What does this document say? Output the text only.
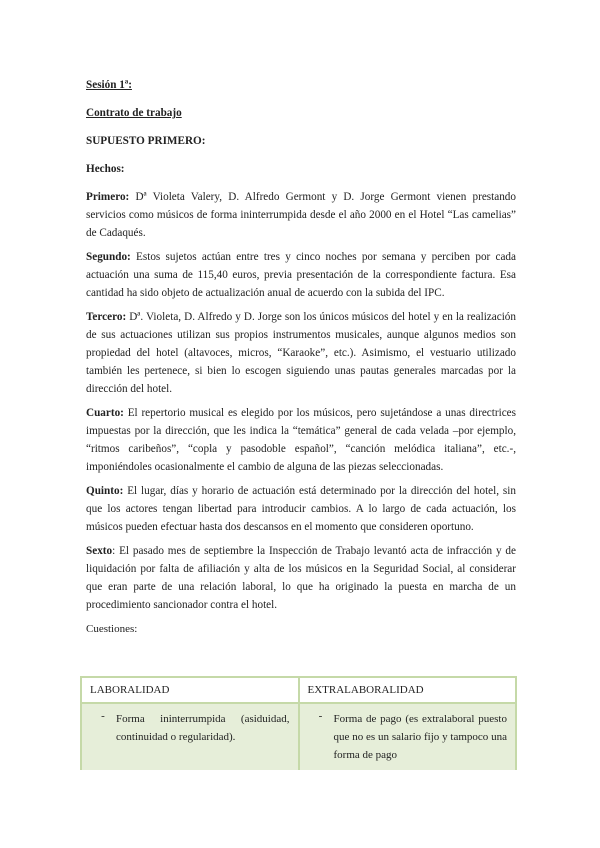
Sesión 1ª:
Contrato de trabajo
SUPUESTO PRIMERO:
Hechos:

Primero: Dª Violeta Valery, D. Alfredo Germont y D. Jorge Germont vienen prestando servicios como músicos de forma ininterrumpida desde el año 2000 en el Hotel “Las camelias” de Cadaqués.

Segundo: Estos sujetos actúan entre tres y cinco noches por semana y perciben por cada actuación una suma de 115,40 euros, previa presentación de la correspondiente factura. Esa cantidad ha sido objeto de actualización anual de acuerdo con la subida del IPC.

Tercero: Dª. Violeta, D. Alfredo y D. Jorge son los únicos músicos del hotel y en la realización de sus actuaciones utilizan sus propios instrumentos musicales, aunque algunos medios son propiedad del hotel (altavoces, micros, “Karaoke”, etc.). Asimismo, el vestuario utilizado también les pertenece, si bien lo escogen siguiendo unas pautas generales marcadas por la dirección del hotel.

Cuarto: El repertorio musical es elegido por los músicos, pero sujetándose a unas directrices impuestas por la dirección, que les indica la “temática” general de cada velada –por ejemplo, “ritmos caribeños”, “copla y pasodoble español”, “canción melódica italiana”, etc.-, imponiéndoles ocasionalmente el cambio de alguna de las piezas seleccionadas.

Quinto: El lugar, días y horario de actuación está determinado por la dirección del hotel, sin que los actores tengan libertad para introducir cambios. A lo largo de cada actuación, los músicos pueden efectuar hasta dos descansos en el momento que consideren oportuno.

Sexto: El pasado mes de septiembre la Inspección de Trabajo levantó acta de infracción y de liquidación por falta de afiliación y alta de los músicos en la Seguridad Social, al considerar que eran parte de una relación laboral, lo que ha originado la puesta en marcha de un procedimiento sancionador contra el hotel.

Cuestiones:
LABORALIDAD	EXTRALABORALIDAD

- Forma ininterrumpida (asiduidad, continuidad o regularidad).	- Forma de pago (es extralaboral puesto que no es un salario fijo y tampoco una forma de pago
